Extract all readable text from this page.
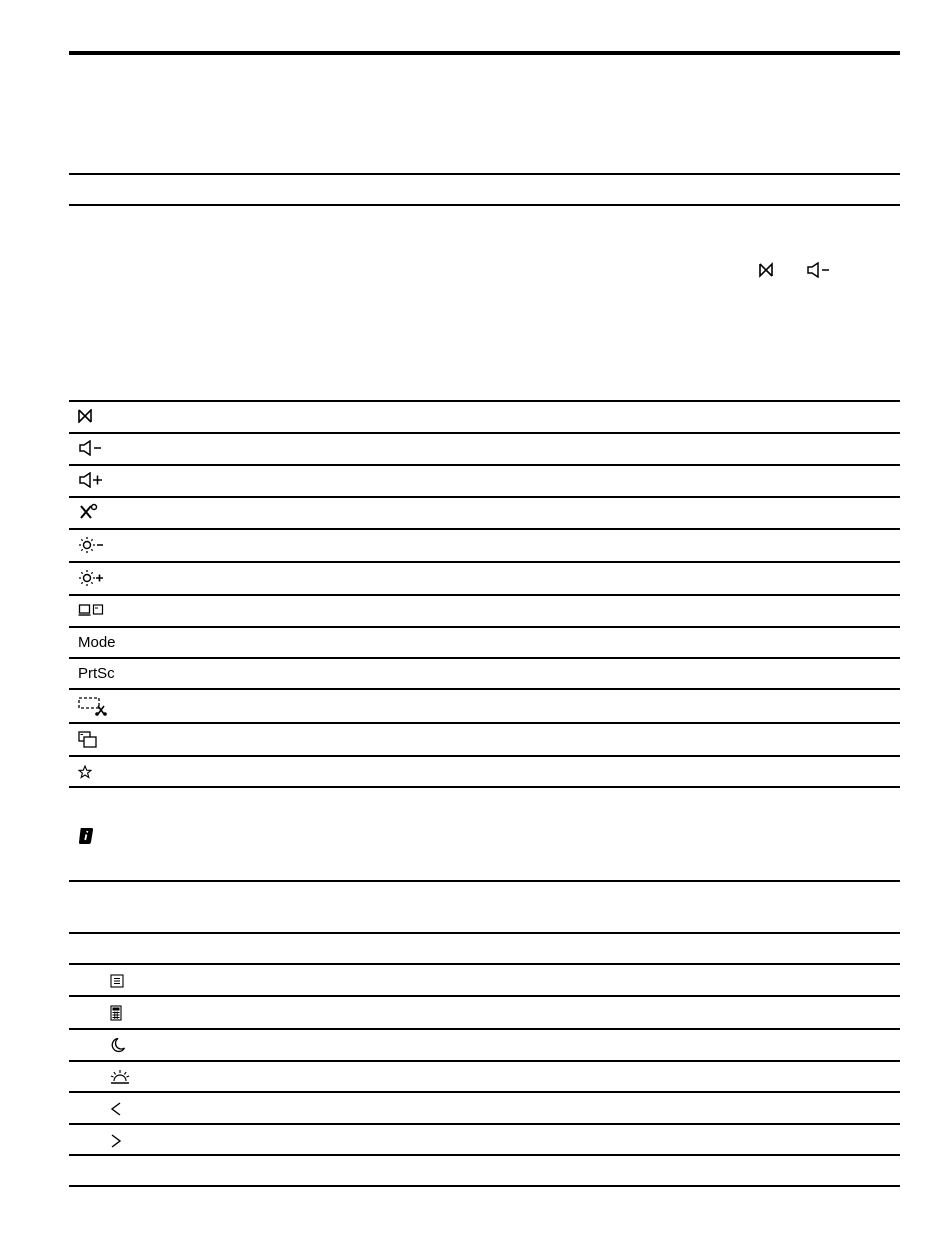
Mode
PrtSc
